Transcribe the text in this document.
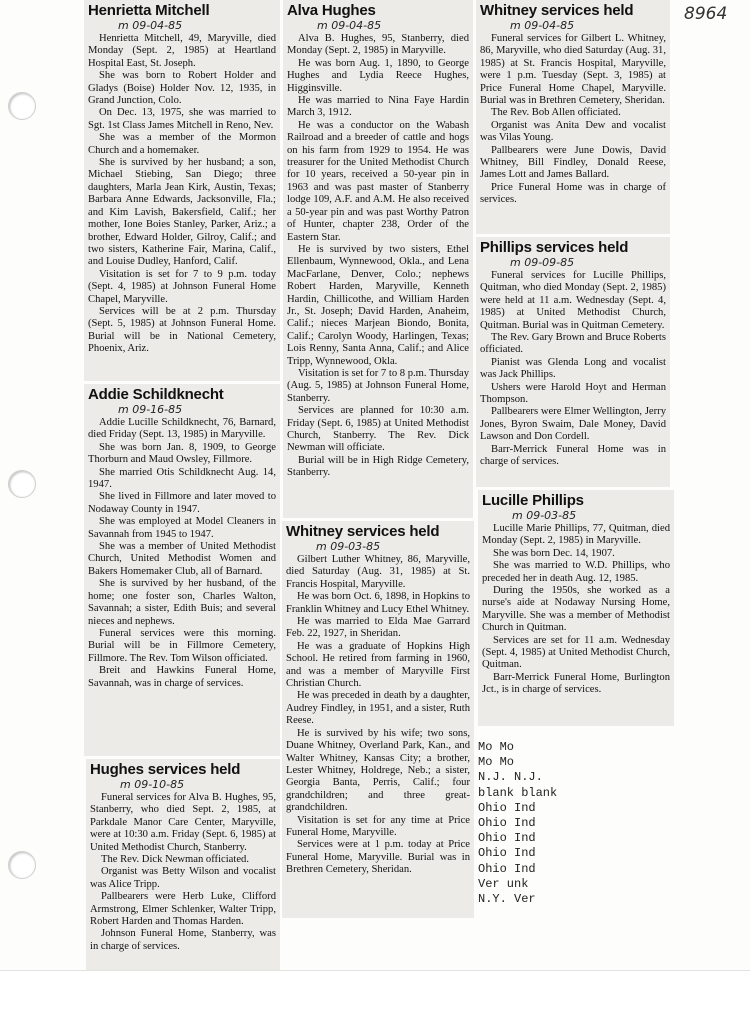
8964
Henrietta Mitchell
m 09-04-85

Henrietta Mitchell, 49, Maryville, died Monday (Sept. 2, 1985) at Heartland Hospital East, St. Joseph.

She was born to Robert Holder and Gladys (Boise) Holder Nov. 12, 1935, in Grand Junction, Colo.

On Dec. 13, 1975, she was married to Sgt. 1st Class James Mitchell in Reno, Nev.

She was a member of the Mormon Church and a homemaker.

She is survived by her husband; a son, Michael Stiebing, San Diego; three daughters, Marla Jean Kirk, Austin, Texas; Barbara Anne Edwards, Jacksonville, Fla.; and Kim Lavish, Bakersfield, Calif.; her mother, Ione Boies Stanley, Parker, Ariz.; a brother, Edward Holder, Gilroy, Calif.; and two sisters, Katherine Fair, Marina, Calif., and Louise Dudley, Hanford, Calif.

Visitation is set for 7 to 9 p.m. today (Sept. 4, 1985) at Johnson Funeral Home Chapel, Maryville.

Services will be at 2 p.m. Thursday (Sept. 5, 1985) at Johnson Funeral Home. Burial will be in National Cemetery, Phoenix, Ariz.

Addie Schildknecht
m 09-16-85

Addie Lucille Schildknecht, 76, Barnard, died Friday (Sept. 13, 1985) in Maryville.

She was born Jan. 8, 1909, to George Thorburn and Maud Owsley, Fillmore.

She married Otis Schildknecht Aug. 14, 1947.

She lived in Fillmore and later moved to Nodaway County in 1947.

She was employed at Model Cleaners in Savannah from 1945 to 1947.

She was a member of United Methodist Church, United Methodist Women and Bakers Homemaker Club, all of Barnard.

She is survived by her husband, of the home; one foster son, Charles Walton, Savannah; a sister, Edith Buis; and several nieces and nephews.

Funeral services were this morning. Burial will be in Fillmore Cemetery, Fillmore. The Rev. Tom Wilson officiated.

Breit and Hawkins Funeral Home, Savannah, was in charge of services.

Hughes services held
m 09-10-85

Funeral services for Alva B. Hughes, 95, Stanberry, who died Sept. 2, 1985, at Parkdale Manor Care Center, Maryville, were at 10:30 a.m. Friday (Sept. 6, 1985) at United Methodist Church, Stanberry.

The Rev. Dick Newman officiated.

Organist was Betty Wilson and vocalist was Alice Tripp.

Pallbearers were Herb Luke, Clifford Armstrong, Elmer Schlenker, Walter Tripp, Robert Harden and Thomas Harden.

Johnson Funeral Home, Stanberry, was in charge of services.

Alva Hughes
m 09-04-85

Alva B. Hughes, 95, Stanberry, died Monday (Sept. 2, 1985) in Maryville.

He was born Aug. 1, 1890, to George Hughes and Lydia Reece Hughes, Higginsville.

He was married to Nina Faye Hardin March 3, 1912.

He was a conductor on the Wabash Railroad and a breeder of cattle and hogs on his farm from 1929 to 1954. He was treasurer for the United Methodist Church for 10 years, received a 50-year pin in 1963 and was past master of Stanberry lodge 109, A.F. and A.M. He also received a 50-year pin and was past Worthy Patron of Hunter, chapter 238, Order of the Eastern Star.

He is survived by two sisters, Ethel Ellenbaum, Wynnewood, Okla., and Lena MacFarlane, Denver, Colo.; nephews Robert Harden, Maryville, Kenneth Hardin, Chillicothe, and William Harden Jr., St. Joseph; David Harden, Anaheim, Calif.; nieces Marjean Biondo, Bonita, Calif.; Carolyn Woody, Harlingen, Texas; Lois Renny, Santa Anna, Calif.; and Alice Tripp, Wynnewood, Okla.

Visitation is set for 7 to 8 p.m. Thursday (Aug. 5, 1985) at Johnson Funeral Home, Stanberry.

Services are planned for 10:30 a.m. Friday (Sept. 6, 1985) at United Methodist Church, Stanberry. The Rev. Dick Newman will officiate.

Burial will be in High Ridge Cemetery, Stanberry.

Whitney services held
m 09-03-85

Gilbert Luther Whitney, 86, Maryville, died Saturday (Aug. 31, 1985) at St. Francis Hospital, Maryville.

He was born Oct. 6, 1898, in Hopkins to Franklin Whitney and Lucy Ethel Whitney.

He was married to Elda Mae Garrard Feb. 22, 1927, in Sheridan.

He was a graduate of Hopkins High School. He retired from farming in 1960, and was a member of Maryville First Christian Church.

He was preceded in death by a daughter, Audrey Findley, in 1951, and a sister, Ruth Reese.

He is survived by his wife; two sons, Duane Whitney, Overland Park, Kan., and Walter Whitney, Kansas City; a brother, Lester Whitney, Holdrege, Neb.; a sister, Georgia Banta, Perris, Calif.; four grandchildren; and three great-grandchildren.

Visitation is set for any time at Price Funeral Home, Maryville.

Services were at 1 p.m. today at Price Funeral Home, Maryville. Burial was in Brethren Cemetery, Sheridan.

Whitney services held
m 09-04-85

Funeral services for Gilbert L. Whitney, 86, Maryville, who died Saturday (Aug. 31, 1985) at St. Francis Hospital, Maryville, were 1 p.m. Tuesday (Sept. 3, 1985) at Price Funeral Home Chapel, Maryville. Burial was in Brethren Cemetery, Sheridan.

The Rev. Bob Allen officiated.

Organist was Anita Dew and vocalist was Vilas Young.

Pallbearers were June Dowis, David Whitney, Bill Findley, Donald Reese, James Lott and James Ballard.

Price Funeral Home was in charge of services.

Phillips services held
m 09-09-85

Funeral services for Lucille Phillips, Quitman, who died Monday (Sept. 2, 1985) were held at 11 a.m. Wednesday (Sept. 4, 1985) at United Methodist Church, Quitman. Burial was in Quitman Cemetery.

The Rev. Gary Brown and Bruce Roberts officiated.

Pianist was Glenda Long and vocalist was Jack Phillips.

Ushers were Harold Hoyt and Herman Thompson.

Pallbearers were Elmer Wellington, Jerry Jones, Byron Swaim, Dale Money, David Lawson and Don Cordell.

Barr-Merrick Funeral Home was in charge of services.

Lucille Phillips
m 09-03-85

Lucille Marie Phillips, 77, Quitman, died Monday (Sept. 2, 1985) in Maryville.

She was born Dec. 14, 1907.

She was married to W.D. Phillips, who preceded her in death Aug. 12, 1985.

During the 1950s, she worked as a nurse's aide at Nodaway Nursing Home, Maryville. She was a member of Methodist Church in Quitman.

Services are set for 11 a.m. Wednesday (Sept. 4, 1985) at United Methodist Church, Quitman.

Barr-Merrick Funeral Home, Burlington Jct., is in charge of services.

Mo Mo
Mo Mo
N.J. N.J.
blank blank
Ohio Ind
Ohio Ind
Ohio Ind
Ohio Ind
Ohio Ind
Ver unk
N.Y. Ver
